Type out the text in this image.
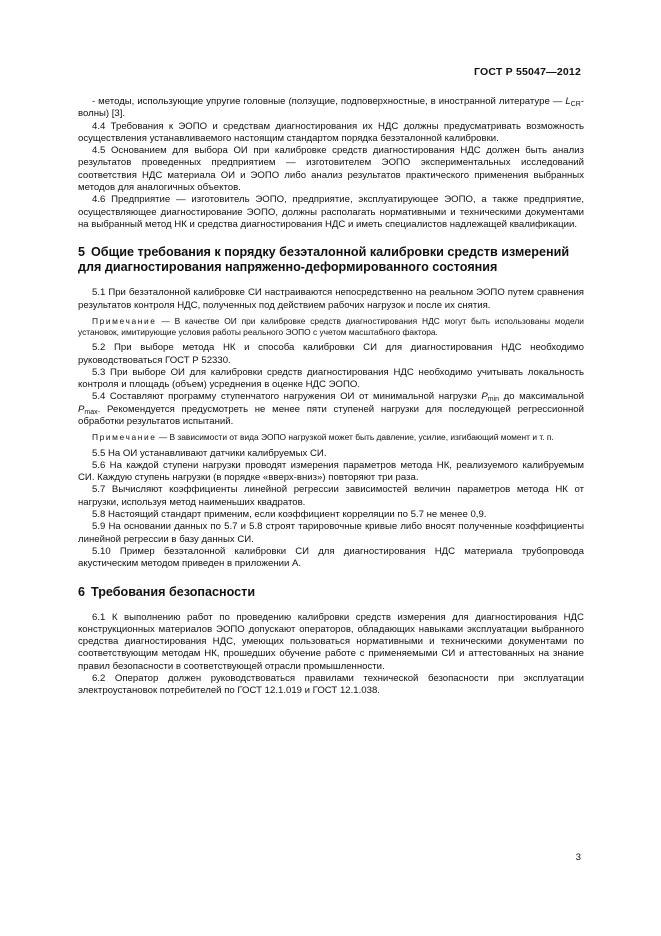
ГОСТ Р 55047—2012

- методы, использующие упругие головные (ползущие, подповерхностные, в иностранной литературе — $L_{CR}-волны$) [3].

4.4 Требования к ЭОПО и средствам диагностирования их НДС должны предусматривать возможность осуществления устанавливаемого настоящим стандартом порядка безэталонной калибровки.

4.5 Основанием для выбора ОИ при калибровке средств диагностирования НДС должен быть анализ результатов проведенных предприятием — изготовителем ЭОПО экспериментальных исследований соответствия НДС материала ОИ и ЭОПО либо анализ результатов практического применения выбранных методов для аналогичных объектов.

4.6 Предприятие — изготовитель ЭОПО, предприятие, эксплуатирующее ЭОПО, а также предприятие, осуществляющее диагностирование ЭОПО, должны располагать нормативными и техническими документами на выбранный метод НК и средства диагностирования НДС и иметь специалистов надлежащей квалификации.

5 Общие требования к порядку безэталонной калибровки средств измерений для диагностирования напряженно-деформированного состояния

5.1 При безэталонной калибровке СИ настраиваются непосредственно на реальном ЭОПО путем сравнения результатов контроля НДС, полученных под действием рабочих нагрузок и после их снятия.

Примечание — В качестве ОИ при калибровке средств диагностирования НДС могут быть использованы модели установок, имитирующие условия работы реального ЭОПО с учетом масштабного фактора.

5.2 При выборе метода НК и способа калибровки СИ для диагностирования НДС необходимо руководствоваться ГОСТ Р 52330.

5.3 При выборе ОИ для калибровки средств диагностирования НДС необходимо учитывать локальность контроля и площадь (объем) усреднения в оценке НДС ЭОПО.

5.4 Составляют программу ступенчатого нагружения ОИ от минимальной нагрузки $P_{min}$ до максимальной $P_{max}$. Рекомендуется предусмотреть не менее пяти ступеней нагрузки для последующей регрессионной обработки результатов испытаний.

Примечание — В зависимости от вида ЭОПО нагрузкой может быть давление, усилие, изгибающий момент и т. п.

5.5 На ОИ устанавливают датчики калибруемых СИ.

5.6 На каждой ступени нагрузки проводят измерения параметров метода НК, реализуемого калибруемым СИ. Каждую ступень нагрузки (в порядке «вверх-вниз») повторяют три раза.

5.7 Вычисляют коэффициенты линейной регрессии зависимостей величин параметров метода НК от нагрузки, используя метод наименьших квадратов.

5.8 Настоящий стандарт применим, если коэффициент корреляции по 5.7 не менее 0,9.

5.9 На основании данных по 5.7 и 5.8 строят тарировочные кривые либо вносят полученные коэффициенты линейной регрессии в базу данных СИ.

5.10 Пример безэталонной калибровки СИ для диагностирования НДС материала трубопровода акустическим методом приведен в приложении А.

6 Требования безопасности

6.1 К выполнению работ по проведению калибровки средств измерения для диагностирования НДС конструкционных материалов ЭОПО допускают операторов, обладающих навыками эксплуатации выбранного средства диагностирования НДС, умеющих пользоваться нормативными и техническими документами по соответствующим методам НК, прошедших обучение работе с применяемыми СИ и аттестованных на знание правил безопасности в соответствующей отрасли промышленности.

6.2 Оператор должен руководствоваться правилами технической безопасности при эксплуатации электроустановок потребителей по ГОСТ 12.1.019 и ГОСТ 12.1.038.

3
